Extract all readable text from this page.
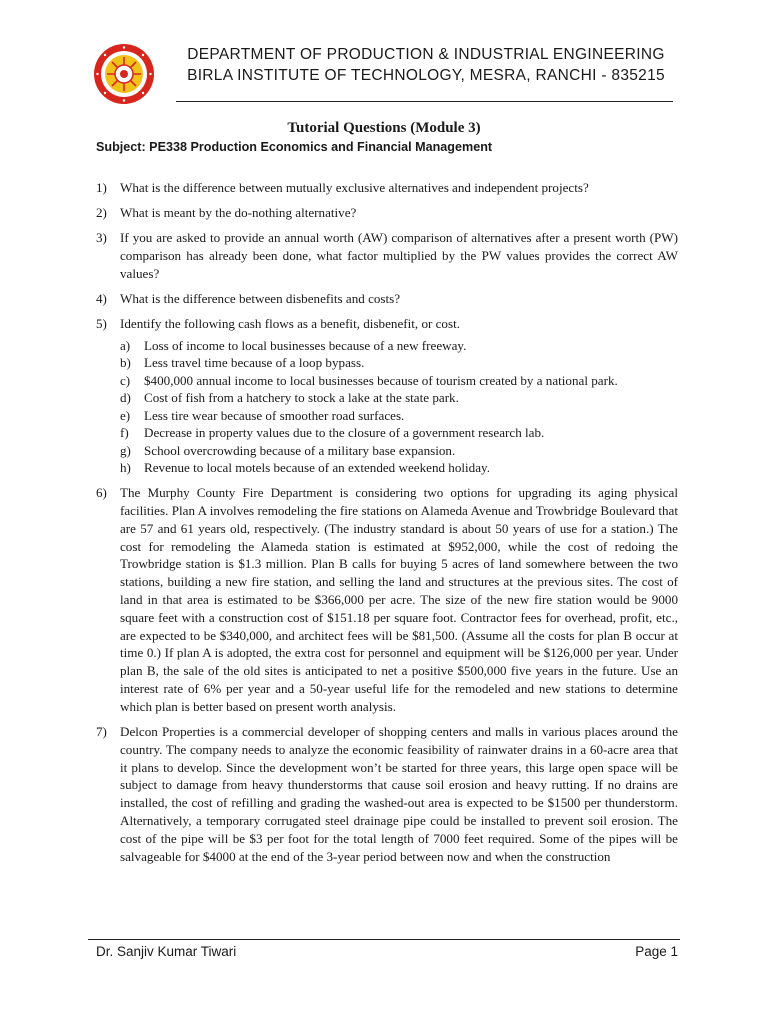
DEPARTMENT OF PRODUCTION & INDUSTRIAL ENGINEERING
BIRLA INSTITUTE OF TECHNOLOGY, MESRA, RANCHI - 835215
Tutorial Questions (Module 3)
Subject: PE338 Production Economics and Financial Management
1) What is the difference between mutually exclusive alternatives and independent projects?
2) What is meant by the do-nothing alternative?
3) If you are asked to provide an annual worth (AW) comparison of alternatives after a present worth (PW) comparison has already been done, what factor multiplied by the PW values provides the correct AW values?
4) What is the difference between disbenefits and costs?
5) Identify the following cash flows as a benefit, disbenefit, or cost.
a) Loss of income to local businesses because of a new freeway.
b) Less travel time because of a loop bypass.
c) $400,000 annual income to local businesses because of tourism created by a national park.
d) Cost of fish from a hatchery to stock a lake at the state park.
e) Less tire wear because of smoother road surfaces.
f) Decrease in property values due to the closure of a government research lab.
g) School overcrowding because of a military base expansion.
h) Revenue to local motels because of an extended weekend holiday.
6) The Murphy County Fire Department is considering two options for upgrading its aging physical facilities. Plan A involves remodeling the fire stations on Alameda Avenue and Trowbridge Boulevard that are 57 and 61 years old, respectively. (The industry standard is about 50 years of use for a station.) The cost for remodeling the Alameda station is estimated at $952,000, while the cost of redoing the Trowbridge station is $1.3 million. Plan B calls for buying 5 acres of land somewhere between the two stations, building a new fire station, and selling the land and structures at the previous sites. The cost of land in that area is estimated to be $366,000 per acre. The size of the new fire station would be 9000 square feet with a construction cost of $151.18 per square foot. Contractor fees for overhead, profit, etc., are expected to be $340,000, and architect fees will be $81,500. (Assume all the costs for plan B occur at time 0.) If plan A is adopted, the extra cost for personnel and equipment will be $126,000 per year. Under plan B, the sale of the old sites is anticipated to net a positive $500,000 five years in the future. Use an interest rate of 6% per year and a 50-year useful life for the remodeled and new stations to determine which plan is better based on present worth analysis.
7) Delcon Properties is a commercial developer of shopping centers and malls in various places around the country. The company needs to analyze the economic feasibility of rainwater drains in a 60-acre area that it plans to develop. Since the development won’t be started for three years, this large open space will be subject to damage from heavy thunderstorms that cause soil erosion and heavy rutting. If no drains are installed, the cost of refilling and grading the washed-out area is expected to be $1500 per thunderstorm. Alternatively, a temporary corrugated steel drainage pipe could be installed to prevent soil erosion. The cost of the pipe will be $3 per foot for the total length of 7000 feet required. Some of the pipes will be salvageable for $4000 at the end of the 3-year period between now and when the construction
Dr. Sanjiv Kumar Tiwari	Page 1
